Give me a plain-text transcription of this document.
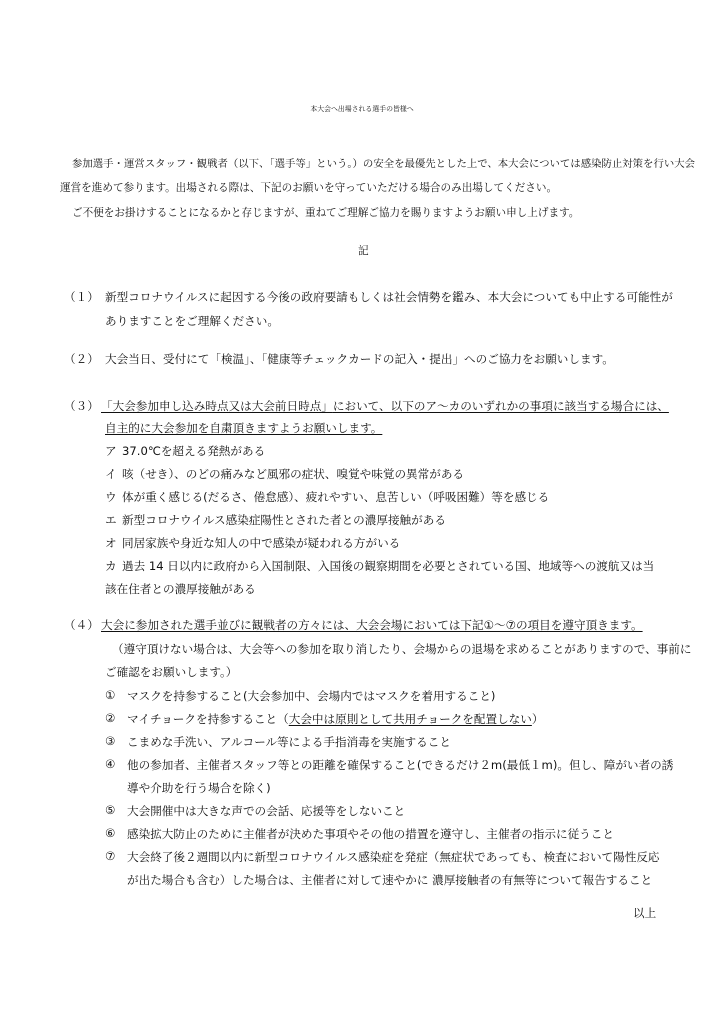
本大会へ出場される選手の皆様へ
参加選手・運営スタッフ・観戦者（以下、「選手等」という。）の安全を最優先とした上で、本大会については感染防止対策を行い大会
運営を進めて参ります。出場される際は、下記のお願いを守っていただける場合のみ出場してください。
ご不便をお掛けすることになるかと存じますが、重ねてご理解ご協力を賜りますようお願い申し上げます。
記
（１） 新型コロナウイルスに起因する今後の政府要請もしくは社会情勢を鑑み、本大会についても中止する可能性が
ありますことをご理解ください。
（２） 大会当日、受付にて「検温」、「健康等チェックカードの記入・提出」へのご協力をお願いします。
（３） 「大会参加申し込み時点又は大会前日時点」において、以下のア～カのいずれかの事項に該当する場合には、
自主的に大会参加を自粛頂きますようお願いします。
ア 37.0℃を超える発熱がある
イ 咳（せき）、のどの痛みなど風邪の症状、嗅覚や味覚の異常がある
ウ 体が重く感じる(だるさ、倦怠感）、疲れやすい、息苦しい（呼吸困難）等を感じる
エ 新型コロナウイルス感染症陽性とされた者との濃厚接触がある
オ 同居家族や身近な知人の中で感染が疑われる方がいる
カ 過去 14 日以内に政府から入国制限、入国後の観察期間を必要とされている国、地域等への渡航又は当
該在住者との濃厚接触がある
（４） 大会に参加された選手並びに観戦者の方々には、大会会場においては下記①～⑦の項目を遵守頂きます。
（遵守頂けない場合は、大会等への参加を取り消したり、会場からの退場を求めることがありますので、事前に
ご確認をお願いします。）
① マスクを持参すること(大会参加中、会場内ではマスクを着用すること)
② マイチョークを持参すること（大会中は原則として共用チョークを配置しない）
③ こまめな手洗い、アルコール等による手指消毒を実施すること
④ 他の参加者、主催者スタッフ等との距離を確保すること(できるだけ２m(最低１m)。但し、障がい者の誘
導や介助を行う場合を除く)
⑤ 大会開催中は大きな声での会話、応援等をしないこと
⑥ 感染拡大防止のために主催者が決めた事項やその他の措置を遵守し、主催者の指示に従うこと
⑦ 大会終了後２週間以内に新型コロナウイルス感染症を発症（無症状であっても、検査において陽性反応
が出た場合も含む）した場合は、主催者に対して速やかに 濃厚接触者の有無等について報告すること
以上
